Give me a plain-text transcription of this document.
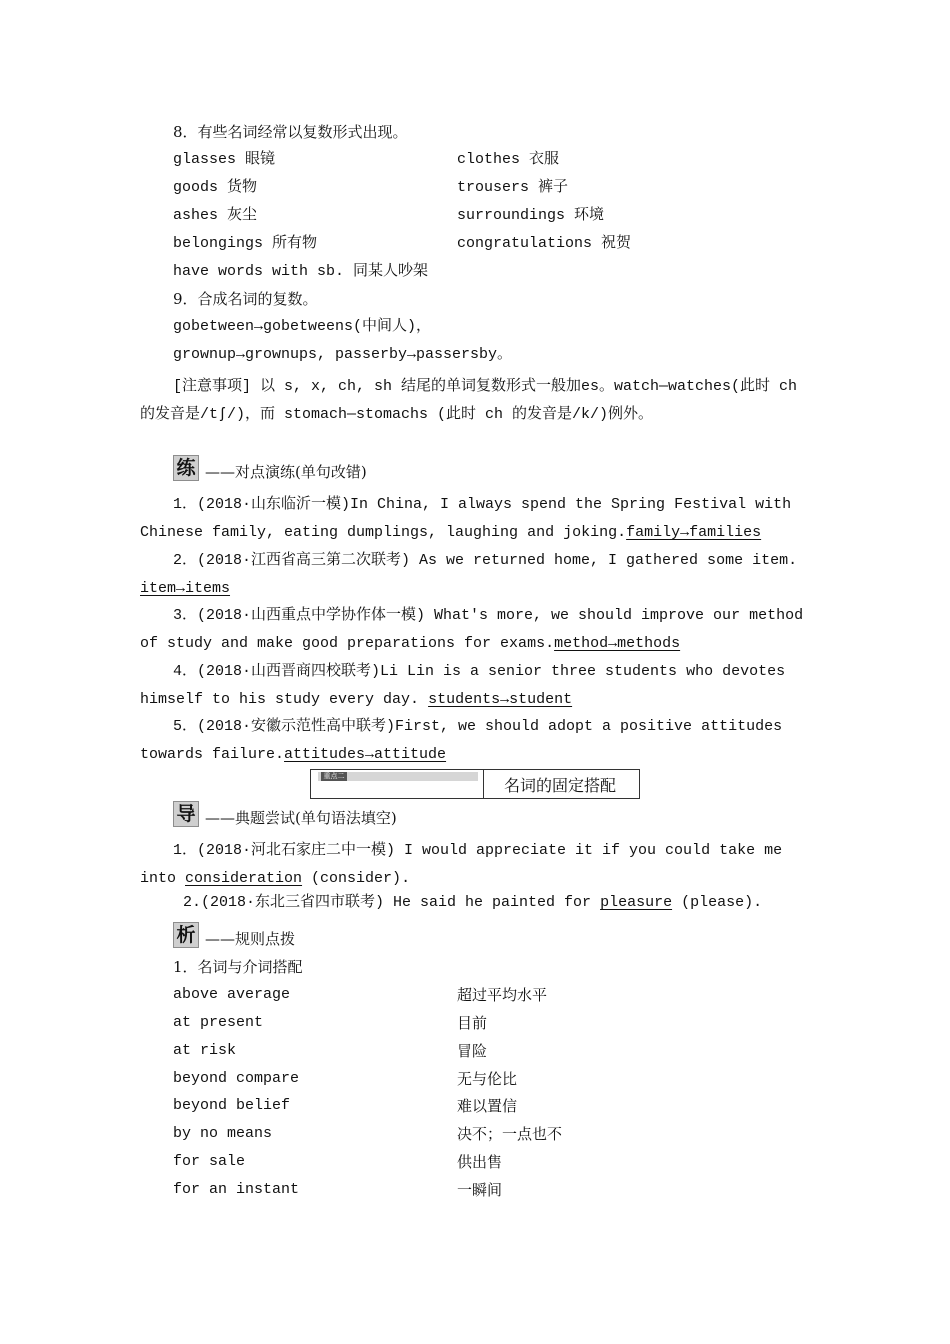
8．有些名词经常以复数形式出现。
glasses 眼镜	clothes 衣服
goods 货物	trousers 裤子
ashes 灰尘	surroundings 环境
belongings 所有物	congratulations 祝贺
have words with sb. 同某人吵架
9．合成名词的复数。
gobetween→gobetweens(中间人)，
grownup→grownups, passerby→passersby。
[注意事项] 以 s, x, ch, sh 结尾的单词复数形式一般加es。watch—watches(此时 ch 的发音是/tʃ/)，而 stomach—stomachs (此时 ch 的发音是/k/)例外。
练 ——对点演练(单句改错)
1．(2018·山东临沂一模)In China, I always spend the Spring Festival with Chinese family, eating dumplings, laughing and joking.family→families
2．(2018·江西省高三第二次联考) As we returned home, I gathered some item. item→items
3．(2018·山西重点中学协作体一模) What's more, we should improve our method of study and make good preparations for exams.method→methods
4．(2018·山西晋商四校联考)Li Lin is a senior three students who devotes himself to his study every day. students→student
5．(2018·安徽示范性高中联考)First, we should adopt a positive attitudes towards failure.attitudes→attitude
重点二	名词的固定搭配
导 ——典题尝试(单句语法填空)
1．(2018·河北石家庄二中一模) I would appreciate it if you could take me into consideration (consider).
2.(2018·东北三省四市联考) He said he painted for pleasure (please).
析 ——规则点拨
1．名词与介词搭配
above average	超过平均水平
at present	目前
at risk	冒险
beyond compare	无与伦比
beyond belief	难以置信
by no means	决不；一点也不
for sale	供出售
for an instant	一瞬间
